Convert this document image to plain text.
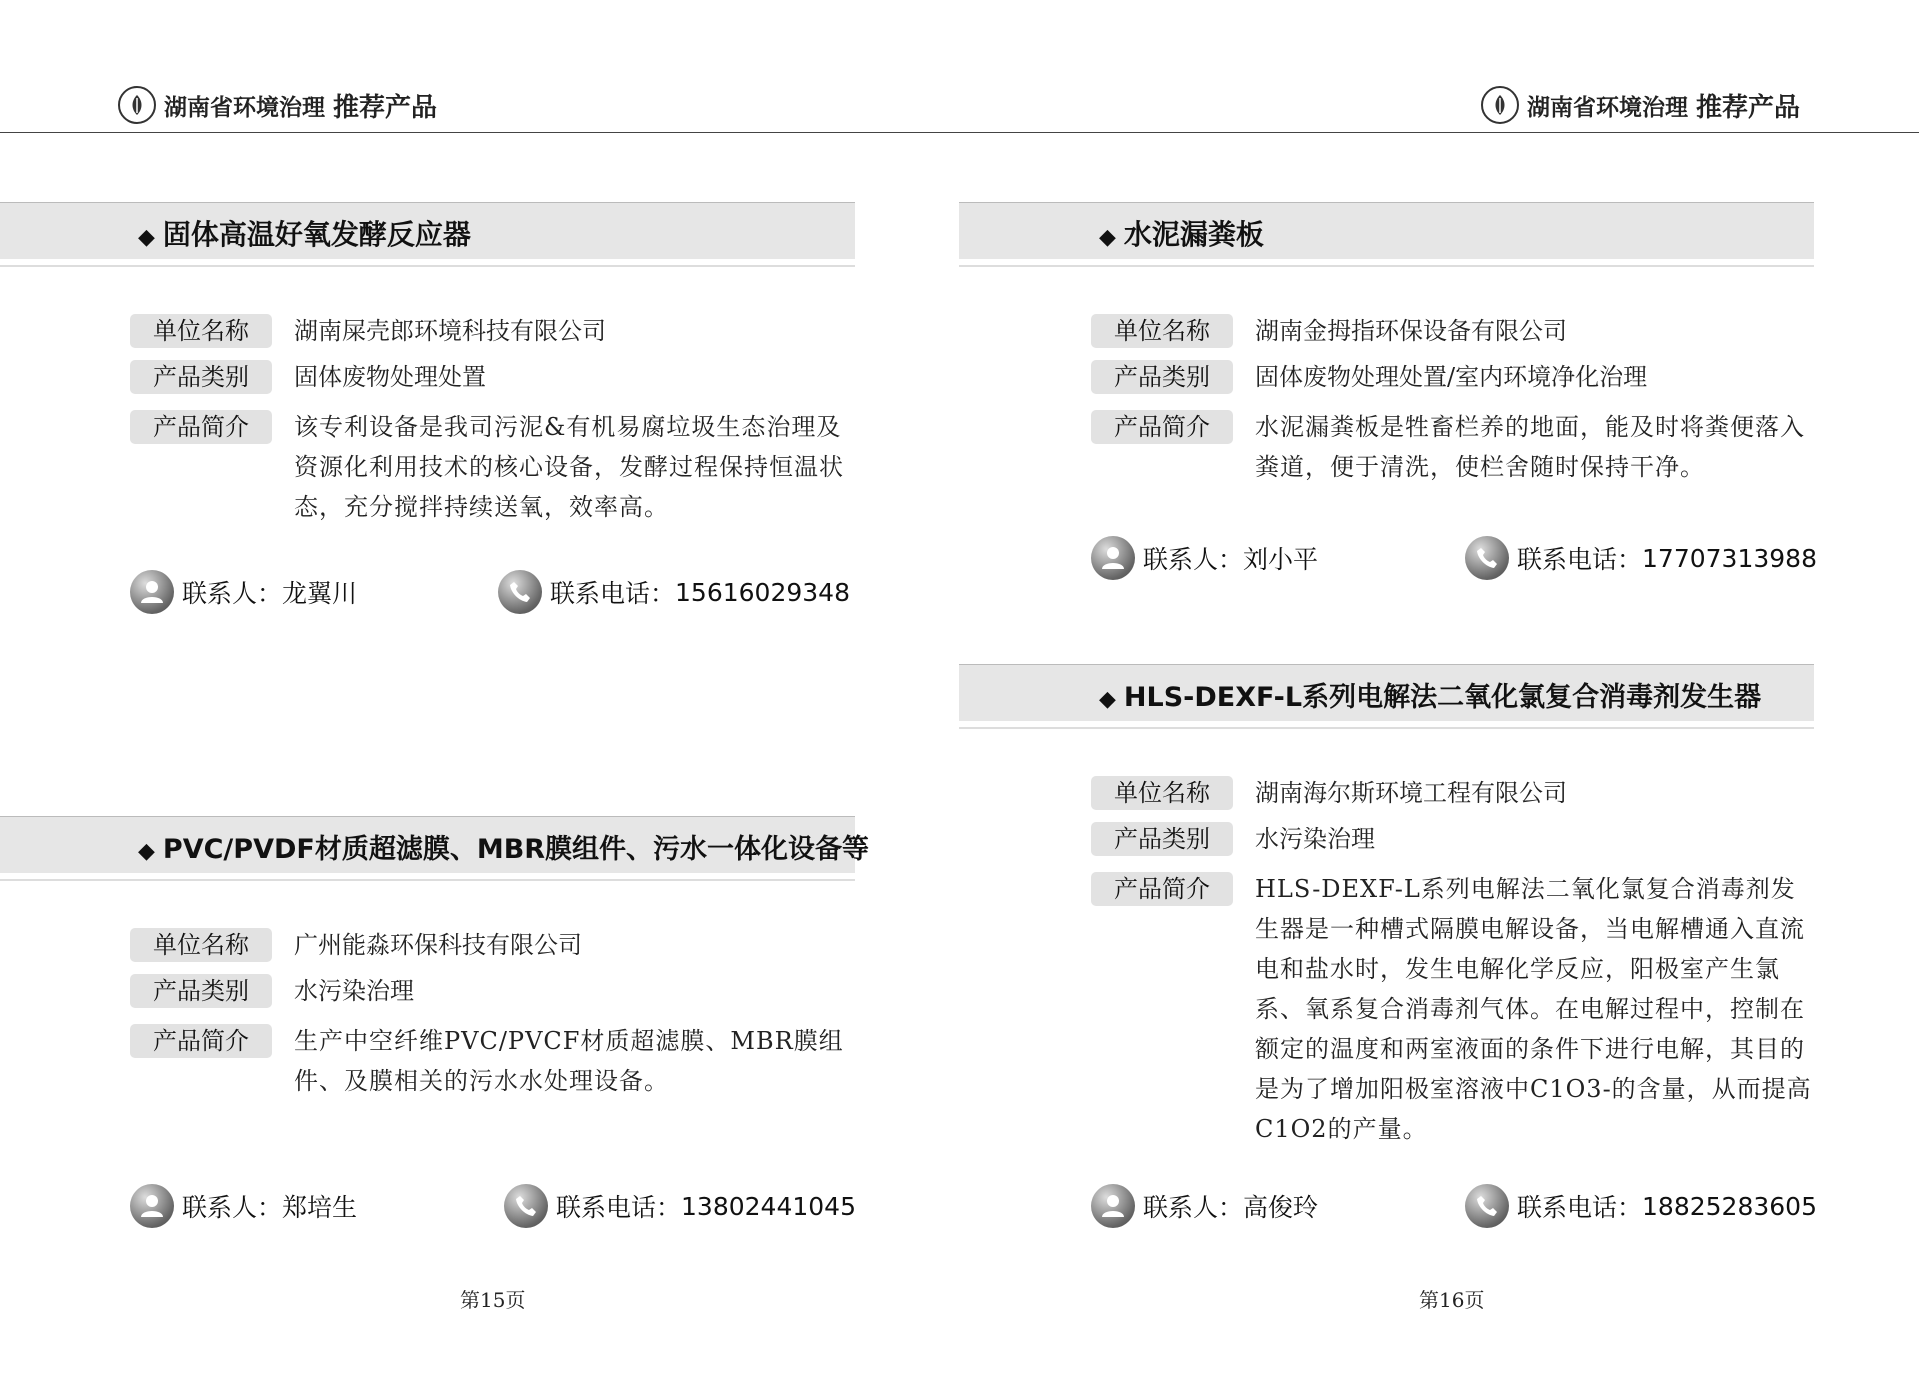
湖南省环境治理 推荐产品
◆ 固体高温好氧发酵反应器
单位名称	湖南屎壳郎环境科技有限公司
产品类别	固体废物处理处置
产品简介	该专利设备是我司污泥&有机易腐垃圾生态治理及资源化利用技术的核心设备，发酵过程保持恒温状态，充分搅拌持续送氧，效率高。
联系人： 龙翼川	联系电话： 15616029348
◆ PVC/PVDF材质超滤膜、MBR膜组件、污水一体化设备等
单位名称	广州能淼环保科技有限公司
产品类别	水污染治理
产品简介	生产中空纤维PVC/PVCF材质超滤膜、MBR膜组件、及膜相关的污水水处理设备。
联系人： 郑培生	联系电话： 13802441045
第15页
湖南省环境治理 推荐产品
◆ 水泥漏粪板
单位名称	湖南金拇指环保设备有限公司
产品类别	固体废物处理处置/室内环境净化治理
产品简介	水泥漏粪板是牲畜栏养的地面，能及时将粪便落入粪道，便于清洗，使栏舍随时保持干净。
联系人： 刘小平	联系电话： 17707313988
◆ HLS-DEXF-L系列电解法二氧化氯复合消毒剂发生器
单位名称	湖南海尔斯环境工程有限公司
产品类别	水污染治理
产品简介	HLS-DEXF-L系列电解法二氧化氯复合消毒剂发生器是一种槽式隔膜电解设备，当电解槽通入直流电和盐水时，发生电解化学反应，阳极室产生氯系、氧系复合消毒剂气体。在电解过程中，控制在额定的温度和两室液面的条件下进行电解，其目的是为了增加阳极室溶液中C1O3-的含量，从而提高C1O2的产量。
联系人： 高俊玲	联系电话： 18825283605
第16页
